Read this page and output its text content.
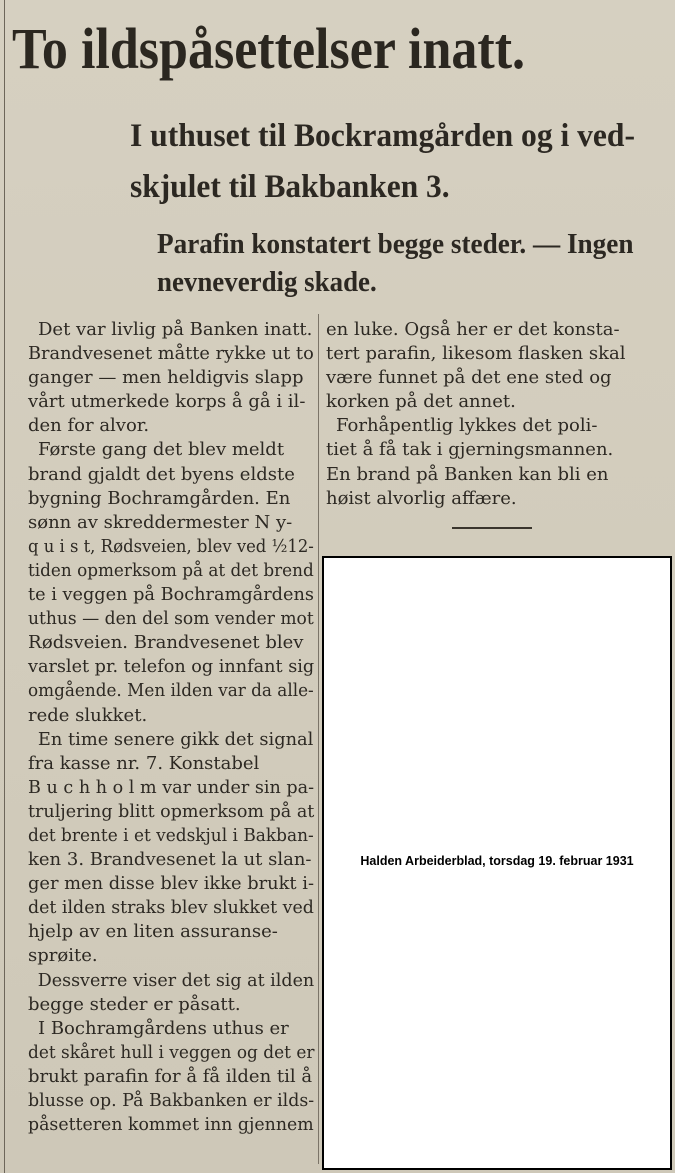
To ildspåsettelser inatt.
I uthuset til Bockramgården og i ved-
skjulet til Bakbanken 3.
Parafin konstatert begge steder. — Ingen
nevneverdig skade.
Det var livlig på Banken inatt.
Brandvesenet måtte rykke ut to
ganger — men heldigvis slapp
vårt utmerkede korps å gå i il-
den for alvor.
Første gang det blev meldt
brand gjaldt det byens eldste
bygning Bochramgården. En
sønn av skreddermester N y-
q u i s t, Rødsveien, blev ved ½12-
tiden opmerksom på at det brend
te i veggen på Bochramgårdens
uthus — den del som vender mot
Rødsveien. Brandvesenet blev
varslet pr. telefon og innfant sig
omgående. Men ilden var da alle-
rede slukket.
En time senere gikk det signal
fra kasse nr. 7. Konstabel
B u c h h o l m var under sin pa-
truljering blitt opmerksom på at
det brente i et vedskjul i Bakban-
ken 3. Brandvesenet la ut slan-
ger men disse blev ikke brukt i-
det ilden straks blev slukket ved
hjelp av en liten assuranse-
sprøite.
Dessverre viser det sig at ilden
begge steder er påsatt.
I Bochramgårdens uthus er
det skåret hull i veggen og det er
brukt parafin for å få ilden til å
blusse op. På Bakbanken er ilds-
påsetteren kommet inn gjennem
en luke. Også her er det konsta-
tert parafin, likesom flasken skal
være funnet på det ene sted og
korken på det annet.
Forhåpentlig lykkes det poli-
tiet å få tak i gjerningsmannen.
En brand på Banken kan bli en
høist alvorlig affære.
Halden Arbeiderblad, torsdag 19. februar 1931
